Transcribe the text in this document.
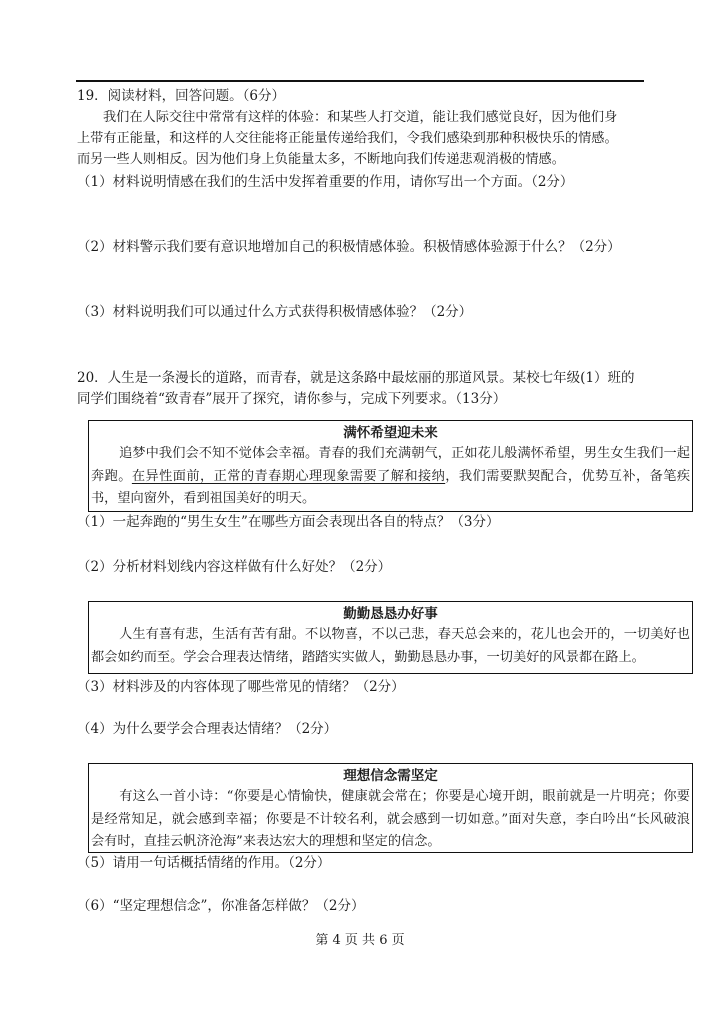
19．阅读材料，回答问题。（6分）
我们在人际交往中常常有这样的体验：和某些人打交道，能让我们感觉良好，因为他们身
上带有正能量，和这样的人交往能将正能量传递给我们，令我们感染到那种积极快乐的情感。
而另一些人则相反。因为他们身上负能量太多，不断地向我们传递悲观消极的情感。
（1）材料说明情感在我们的生活中发挥着重要的作用，请你写出一个方面。（2分）
（2）材料警示我们要有意识地增加自己的积极情感体验。积极情感体验源于什么？（2分）
（3）材料说明我们可以通过什么方式获得积极情感体验？（2分）
20．人生是一条漫长的道路，而青春，就是这条路中最炫丽的那道风景。某校七年级(1）班的
同学们围绕着“致青春”展开了探究，请你参与，完成下列要求。（13分）
满怀希望迎未来
追梦中我们会不知不觉体会幸福。青春的我们充满朝气，正如花儿般满怀希望，男生女生我们一起奔跑。在异性面前，正常的青春期心理现象需要了解和接纳，我们需要默契配合，优势互补，备笔疾书，望向窗外，看到祖国美好的明天。
（1）一起奔跑的“男生女生”在哪些方面会表现出各自的特点？（3分）
（2）分析材料划线内容这样做有什么好处？（2分）
勤勤恳恳办好事
人生有喜有悲，生活有苦有甜。不以物喜，不以己悲，春天总会来的，花儿也会开的，一切美好也都会如约而至。学会合理表达情绪，踏踏实实做人，勤勤恳恳办事，一切美好的风景都在路上。
（3）材料涉及的内容体现了哪些常见的情绪？（2分）
（4）为什么要学会合理表达情绪？（2分）
理想信念需坚定
有这么一首小诗：“你要是心情愉快，健康就会常在；你要是心境开朗，眼前就是一片明亮；你要是经常知足，就会感到幸福；你要是不计较名利，就会感到一切如意。”面对失意，李白吟出“长风破浪会有时，直挂云帆济沧海”来表达宏大的理想和坚定的信念。
（5）请用一句话概括情绪的作用。（2分）
（6）“坚定理想信念”，你准备怎样做？（2分）
第 4 页 共 6 页
